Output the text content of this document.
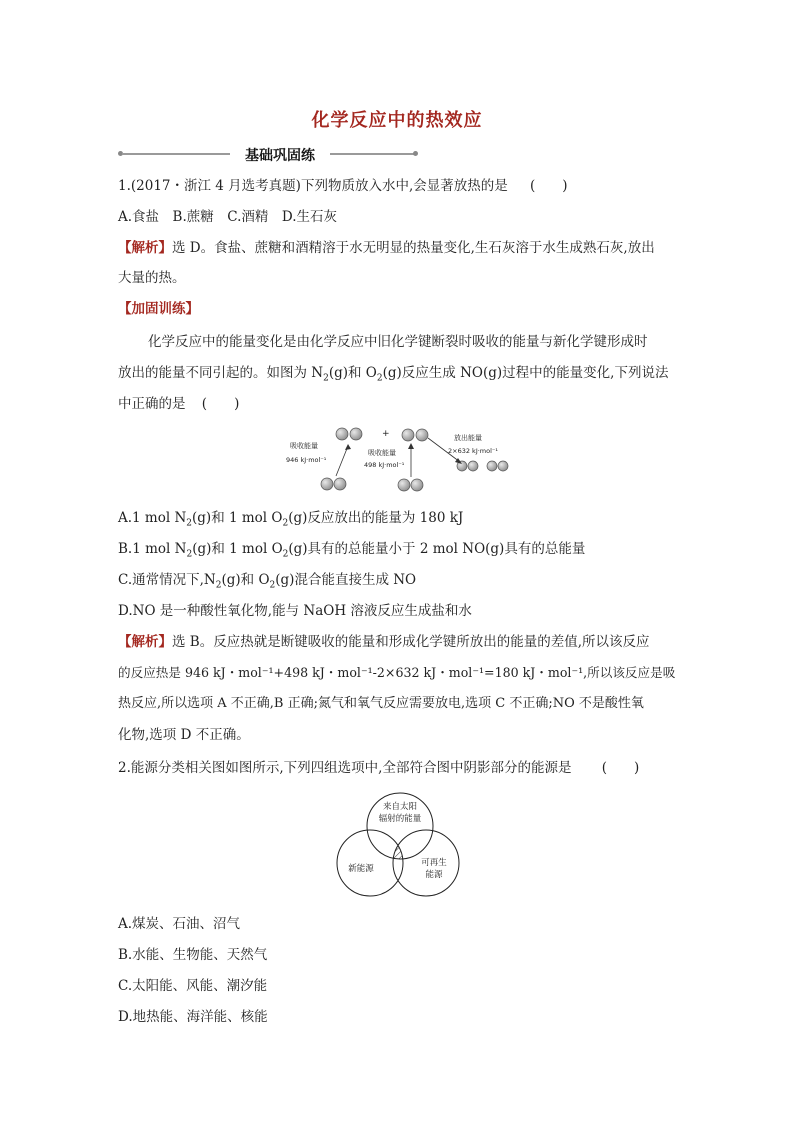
化学反应中的热效应
基础巩固练
1.(2017・浙江 4 月选考真题)下列物质放入水中,会显著放热的是 (　　)
A.食盐　B.蔗糖　C.酒精　D.生石灰
【解析】选 D。食盐、蔗糖和酒精溶于水无明显的热量变化,生石灰溶于水生成熟石灰,放出
大量的热。
【加固训练】
化学反应中的能量变化是由化学反应中旧化学键断裂时吸收的能量与新化学键形成时
放出的能量不同引起的。如图为 $N_2(g)$和 $O_2(g)$反应生成 NO(g)过程中的能量变化,下列说法
中正确的是 (　　)
+
吸收能量
946 kJ·mol⁻¹
吸收能量
498 kJ·mol⁻¹
放出能量
2×632 kJ·mol⁻¹
A.1 mol $N_2(g)$和 1 mol $O_2(g)$反应放出的能量为 180 kJ
B.1 mol $N_2(g)$和 1 mol $O_2(g)$具有的总能量小于 2 mol NO(g)具有的总能量
C.通常情况下$,N_2(g)$和 $O_2(g)$混合能直接生成 NO
D.NO 是一种酸性氧化物,能与 NaOH 溶液反应生成盐和水
【解析】选 B。反应热就是断键吸收的能量和形成化学键所放出的能量的差值,所以该反应
的反应热是 946 kJ・mol⁻¹+498 kJ・mol⁻¹-2×632 kJ・mol⁻¹=180 kJ・mol⁻¹,所以该反应是吸
热反应,所以选项 A 不正确,B 正确;氮气和氧气反应需要放电,选项 C 不正确;NO 不是酸性氧
化物,选项 D 不正确。
2.能源分类相关图如图所示,下列四组选项中,全部符合图中阴影部分的能源是 (　　)
来自太阳
辐射的能量
新能源
可再生
能源
A.煤炭、石油、沼气
B.水能、生物能、天然气
C.太阳能、风能、潮汐能
D.地热能、海洋能、核能
